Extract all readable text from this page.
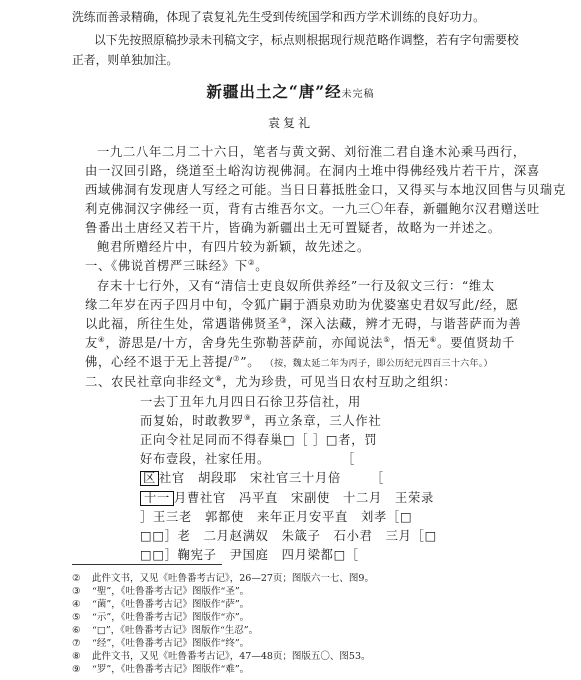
洗练而善录精确，体现了袁复礼先生受到传统国学和西方学术训练的良好功力。
以下先按照原稿抄录未刊稿文字，标点则根据现行规范略作调整，若有字句需要校
正者，则单独加注。
新疆出土之“唐”经未完稿
袁复礼
一九二八年二月二十六日，笔者与黄文弼、刘衍淮二君自逢木沁乘马西行，
由一汉回引路，绕道至土峪沟访视佛洞。在洞内土堆中得佛经残片若干片，深喜
西域佛洞有发现唐人写经之可能。当日日暮抵胜金口，又得买与本地汉回售与贝瑞克
利克佛洞汉字佛经一页，背有古维吾尔文。一九三〇年春，新疆鲍尔汉君赠送吐
鲁番出土唐经又若干片，皆确为新疆出土无可置疑者，故略为一并述之。
鲍君所赠经片中，有四片较为新颖，故先述之。
一、《佛说首楞严三昧经》下②。
存末十七行外，又有“清信士吏良奴所供养经”一行及叙文三行：“维太
缘二年岁在丙子四月中旬，令狐广嗣于酒泉劝助为优婆塞史君奴写此/经，愿
以此福，所往生处，常遇谐佛贤圣③，深入法藏，辨才无碍，与谐菩萨而为善
友④，游思是/十方，舍身先生弥勒菩萨前，亦闻说法⑤，悟无⑥。要值贤劫千
佛，心经不退于无上菩提/⑦”。 （按，魏太延二年为丙子，即公历纪元四百三十六年。）
二、农民社章向非经文⑧，尤为珍贵，可见当日农村互助之组织：
一去丁丑年九月四日石徐卫芬信社，用
而复始，时敢教罗⑨，再立条章，三人作社
正向令社足同而不得春巢□［ ］□者，罚
好布壹段，社家任用。	［
区 社官　胡段耶　宋社官三十月倍 ［
十一 月曹社官　冯平直　宋副使　十二月　王荣录
］王三老　郭都使　来年正月安平直　刘孝［□
□□］老　二月赵满奴　朱箴子　石小君　三月［□
□□］鞠宪子　尹国庭　四月梁都□［
② 此件文书，又见《吐鲁番考古记》，26—27页；图版六一七、图9。
③ “聖”，《吐鲁番考古记》图版作“圣”。
④ “菌”，《吐鲁番考古记》图版作“萨”。
⑤ “示”，《吐鲁番考古记》图版作“亦”。
⑥ “□”，《吐鲁番考古记》图版作“生忍”。
⑦ “经”，《吐鲁番考古记》图版作“终”。
⑧ 此件文书，又见《吐鲁番考古记》，47—48页；图版五〇、图53。
⑨ “罗”，《吐鲁番考古记》图版作“难”。
